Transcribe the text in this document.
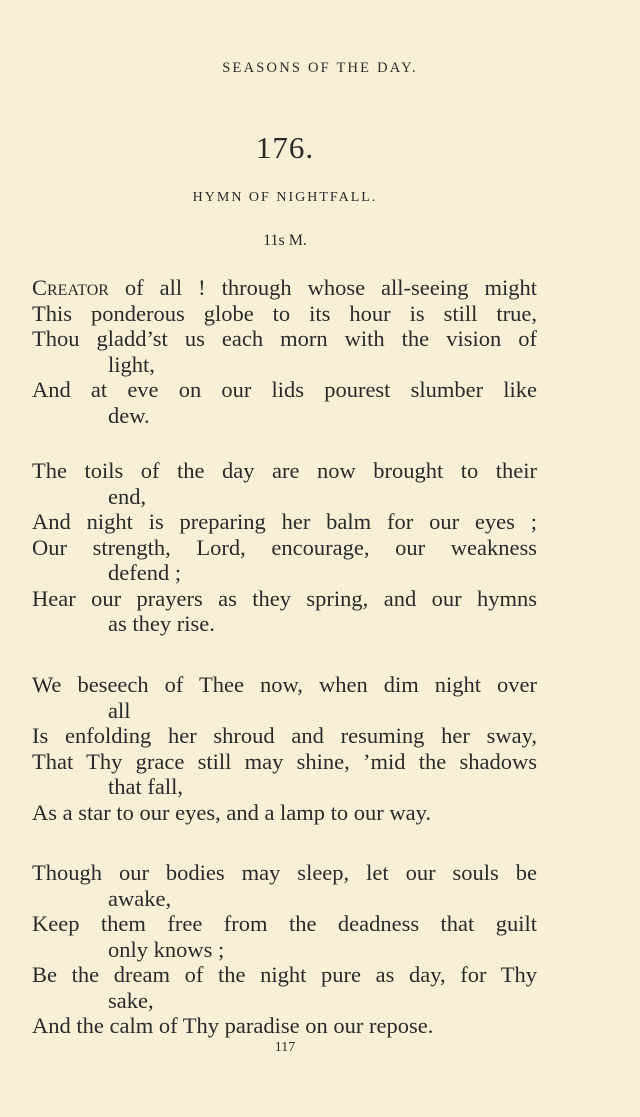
SEASONS OF THE DAY.
176.
HYMN OF NIGHTFALL.
11s M.
Creator of all ! through whose all-seeing might
This ponderous globe to its hour is still true,
Thou gladd’st us each morn with the vision of
light,
And at eve on our lids pourest slumber like
dew.
The toils of the day are now brought to their
end,
And night is preparing her balm for our eyes ;
Our strength, Lord, encourage, our weakness
defend ;
Hear our prayers as they spring, and our hymns
as they rise.
We beseech of Thee now, when dim night over
all
Is enfolding her shroud and resuming her sway,
That Thy grace still may shine, ’mid the shadows
that fall,
As a star to our eyes, and a lamp to our way.
Though our bodies may sleep, let our souls be
awake,
Keep them free from the deadness that guilt
only knows ;
Be the dream of the night pure as day, for Thy
sake,
And the calm of Thy paradise on our repose.
117
